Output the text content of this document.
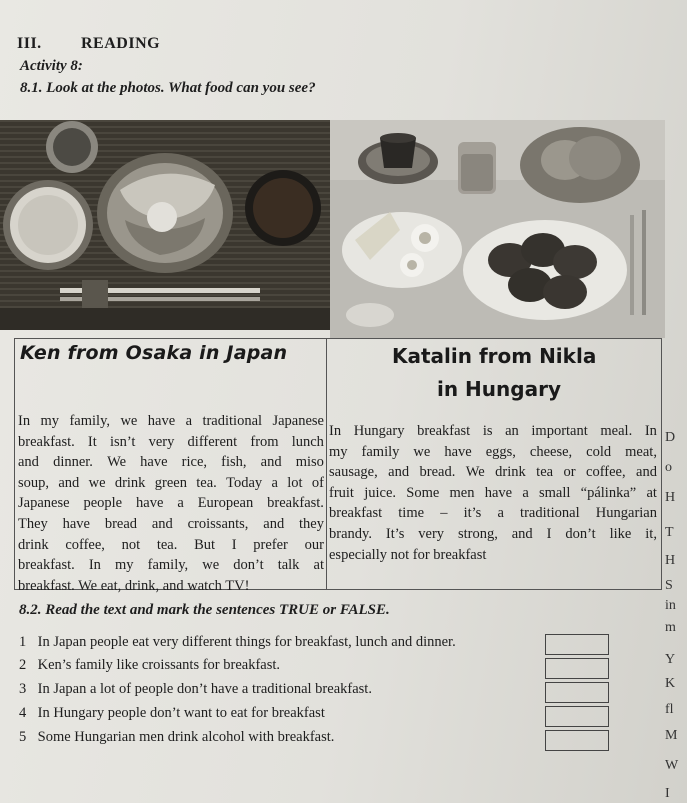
III. READING
Activity 8:
8.1. Look at the photos. What food can you see?
Ken from Osaka in Japan	Katalin from Nikla
in Hungary
In my family, we have a traditional Japanese
breakfast. It isn’t very different from lunch
and dinner. We have rice, fish, and miso
soup, and we drink green tea. Today a lot of
Japanese people have a European breakfast.
They have bread and croissants, and they
drink coffee, not tea. But I prefer our
breakfast. In my family, we don’t talk at
breakfast. We eat, drink, and watch TV!
In Hungary breakfast is an important meal. In
my family we have eggs, cheese, cold meat,
sausage, and bread. We drink tea or coffee, and
fruit juice. Some men have a small “pálinka” at
breakfast time – it’s a traditional Hungarian
brandy. It’s very strong, and I don’t like it,
especially not for breakfast
8.2. Read the text and mark the sentences TRUE or FALSE.
1 In Japan people eat very different things for breakfast, lunch and dinner.
2 Ken’s family like croissants for breakfast.
3 In Japan a lot of people don’t have a traditional breakfast.
4 In Hungary people don’t want to eat for breakfast
5 Some Hungarian men drink alcohol with breakfast.
D
o
H
T
H
S
in
m
Y
K
fl
M
W
I
